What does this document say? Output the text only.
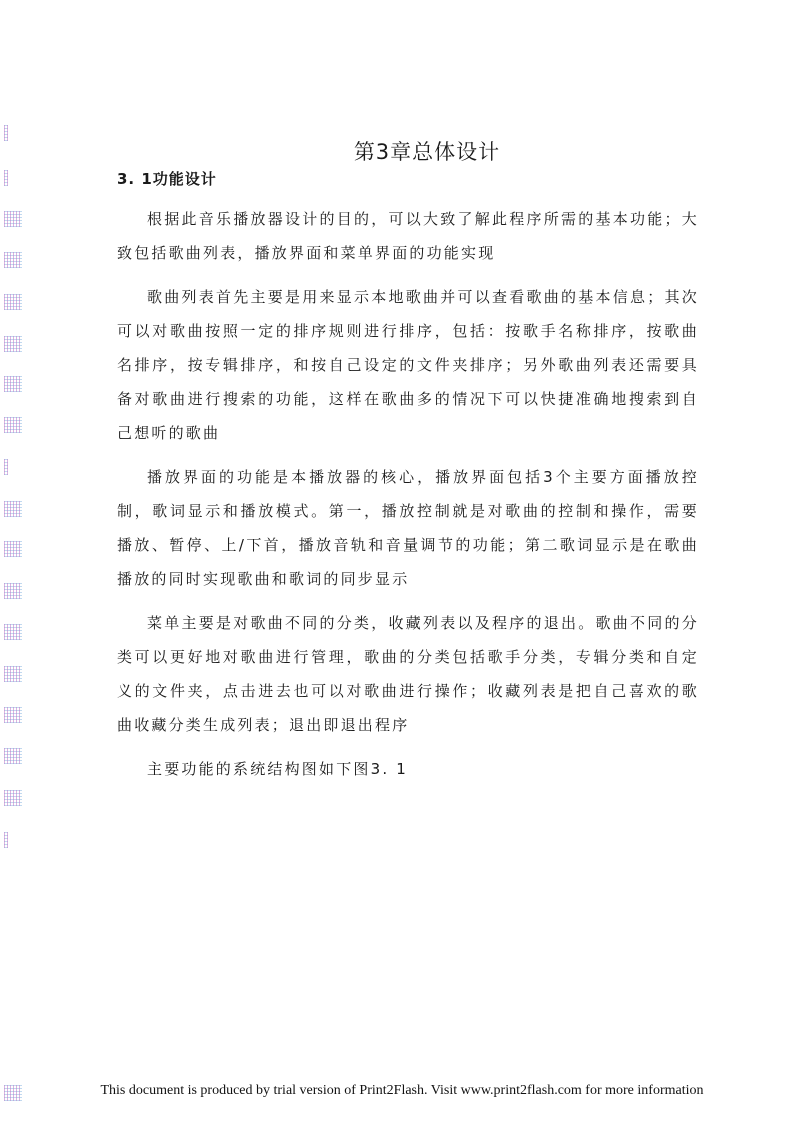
第3章总体设计
3. 1功能设计

根据此音乐播放器设计的目的，可以大致了解此程序所需的基本功能；大致包括歌曲列表，播放界面和菜单界面的功能实现

歌曲列表首先主要是用来显示本地歌曲并可以查看歌曲的基本信息；其次可以对歌曲按照一定的排序规则进行排序，包括：按歌手名称排序，按歌曲名排序，按专辑排序，和按自己设定的文件夹排序；另外歌曲列表还需要具备对歌曲进行搜索的功能，这样在歌曲多的情况下可以快捷准确地搜索到自己想听的歌曲

播放界面的功能是本播放器的核心，播放界面包括3个主要方面播放控制，歌词显示和播放模式。第一，播放控制就是对歌曲的控制和操作，需要播放、暂停、上/下首，播放音轨和音量调节的功能；第二歌词显示是在歌曲播放的同时实现歌曲和歌词的同步显示

菜单主要是对歌曲不同的分类，收藏列表以及程序的退出。歌曲不同的分类可以更好地对歌曲进行管理，歌曲的分类包括歌手分类，专辑分类和自定义的文件夹，点击进去也可以对歌曲进行操作；收藏列表是把自己喜欢的歌曲收藏分类生成列表；退出即退出程序

主要功能的系统结构图如下图3. 1

This document is produced by trial version of Print2Flash. Visit www.print2flash.com for more information
